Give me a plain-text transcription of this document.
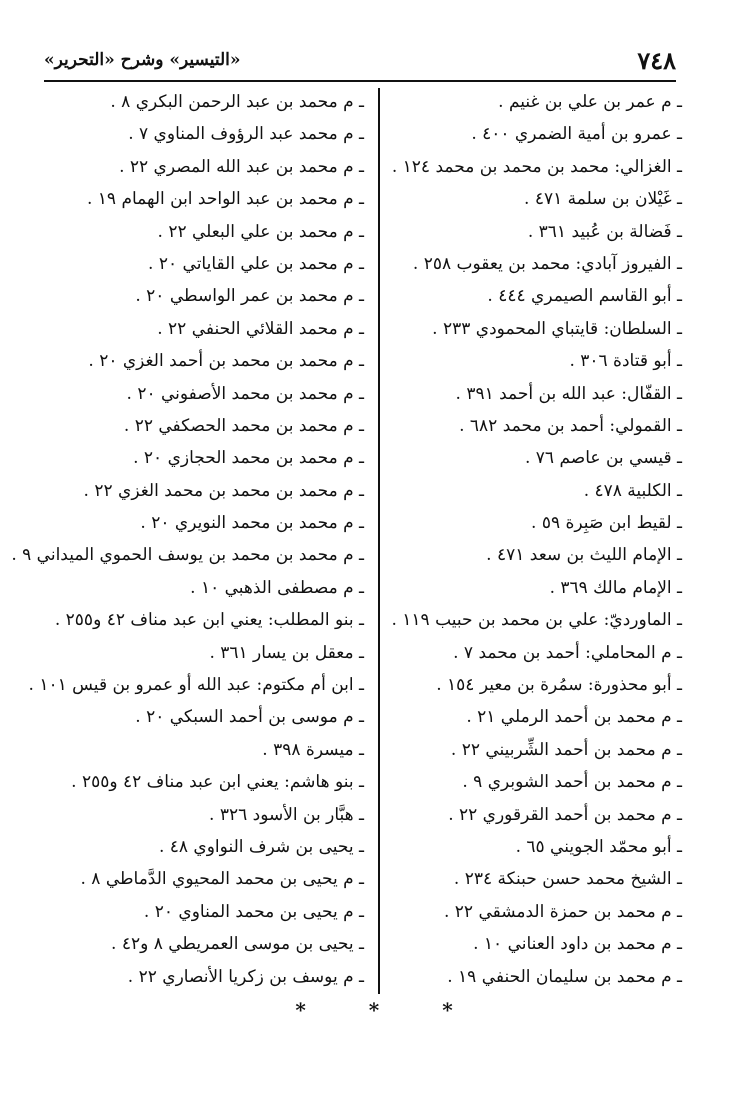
٧٤٨
«التيسير» وشرح «التحرير»
ـ م عمر بن علي بن غنيم .
ـ عمرو بن أمية الضمري ٤٠٠ .
ـ الغزالي: محمد بن محمد بن محمد ١٢٤ .
ـ غَيْلان بن سلمة ٤٧١ .
ـ فَضالة بن عُبيد ٣٦١ .
ـ الفيروز آبادي: محمد بن يعقوب ٢٥٨ .
ـ أبو القاسم الصيمري ٤٤٤ .
ـ السلطان: قايتباي المحمودي ٢٣٣ .
ـ أبو قتادة ٣٠٦ .
ـ القفّال: عبد الله بن أحمد ٣٩١ .
ـ القمولي: أحمد بن محمد ٦٨٢ .
ـ قيسي بن عاصم ٧٦ .
ـ الكلبية ٤٧٨ .
ـ لقيط ابن صَبِرة ٥٩ .
ـ الإمام الليث بن سعد ٤٧١ .
ـ الإمام مالك ٣٦٩ .
ـ الماورديّ: علي بن محمد بن حبيب ١١٩ .
ـ م المحاملي: أحمد بن محمد ٧ .
ـ أبو محذورة: سمُرة بن معير ١٥٤ .
ـ م محمد بن أحمد الرملي ٢١ .
ـ م محمد بن أحمد الشِّربيني ٢٢ .
ـ م محمد بن أحمد الشوبري ٩ .
ـ م محمد بن أحمد القرقوري ٢٢ .
ـ أبو محمّد الجويني ٦٥ .
ـ الشيخ محمد حسن حبنكة ٢٣٤ .
ـ م محمد بن حمزة الدمشقي ٢٢ .
ـ م محمد بن داود العناني ١٠ .
ـ م محمد بن سليمان الحنفي ١٩ .
ـ م محمد بن عبد الرحمن البكري ٨ .
ـ م محمد عبد الرؤوف المناوي ٧ .
ـ م محمد بن عبد الله المصري ٢٢ .
ـ م محمد بن عبد الواحد ابن الهمام ١٩ .
ـ م محمد بن علي البعلي ٢٢ .
ـ م محمد بن علي القاياتي ٢٠ .
ـ م محمد بن عمر الواسطي ٢٠ .
ـ م محمد القلائي الحنفي ٢٢ .
ـ م محمد بن محمد بن أحمد الغزي ٢٠ .
ـ م محمد بن محمد الأصفوني ٢٠ .
ـ م محمد بن محمد الحصكفي ٢٢ .
ـ م محمد بن محمد الحجازي ٢٠ .
ـ م محمد بن محمد بن محمد الغزي ٢٢ .
ـ م محمد بن محمد النويري ٢٠ .
ـ م محمد بن محمد بن يوسف الحموي الميداني ٩ .
ـ م مصطفى الذهبي ١٠ .
ـ بنو المطلب: يعني ابن عبد مناف ٤٢ و٢٥٥ .
ـ معقل بن يسار ٣٦١ .
ـ ابن أم مكتوم: عبد الله أو عمرو بن قيس ١٠١ .
ـ م موسى بن أحمد السبكي ٢٠ .
ـ ميسرة ٣٩٨ .
ـ بنو هاشم: يعني ابن عبد مناف ٤٢ و٢٥٥ .
ـ هبَّار بن الأسود ٣٢٦ .
ـ يحيى بن شرف النواوي ٤٨ .
ـ م يحيى بن محمد المحيوي الدَّماطي ٨ .
ـ م يحيى بن محمد المناوي ٢٠ .
ـ يحيى بن موسى العمريطي ٨ و٤٢ .
ـ م يوسف بن زكريا الأنصاري ٢٢ .
* * *
